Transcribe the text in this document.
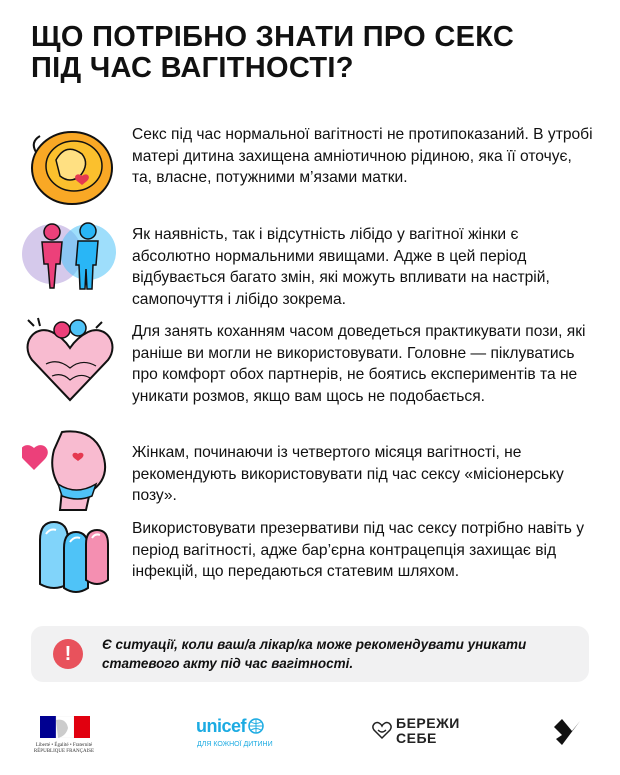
ЩО ПОТРІБНО ЗНАТИ ПРО СЕКС
ПІД ЧАС ВАГІТНОСТІ?
Секс під час нормальної вагітності не протипоказаний. В утробі матері дитина захищена амніотичною рідиною, яка її оточує, та, власне, потужними м’язами матки.
Як наявність, так і відсутність лібідо у вагітної жінки є абсолютно нормальними явищами. Адже в цей період відбувається багато змін, які можуть впливати на настрій, самопочуття і лібідо зокрема.
Для занять коханням часом доведеться практикувати пози, які раніше ви могли не використовувати. Головне — піклуватись про комфорт обох партнерів, не боятись експериментів та не уникати розмов, якщо вам щось не подобається.
Жінкам, починаючи із четвертого місяця вагітності, не рекомендують використовувати під час сексу «місіонерську позу».
Використовувати презервативи під час сексу потрібно навіть у період вагітності, адже бар’єрна контрацепція захищає від інфекцій, що передаються статевим шляхом.
!	Є ситуації, коли ваш/а лікар/ка може рекомендувати уникати статевого акту під час вагітності.
Liberté • Égalité • Fraternité RÉPUBLIQUE FRANÇAISE
unicef
ДЛЯ КОЖНОЇ ДИТИНИ
БЕРЕЖИ
СЕБЕ
